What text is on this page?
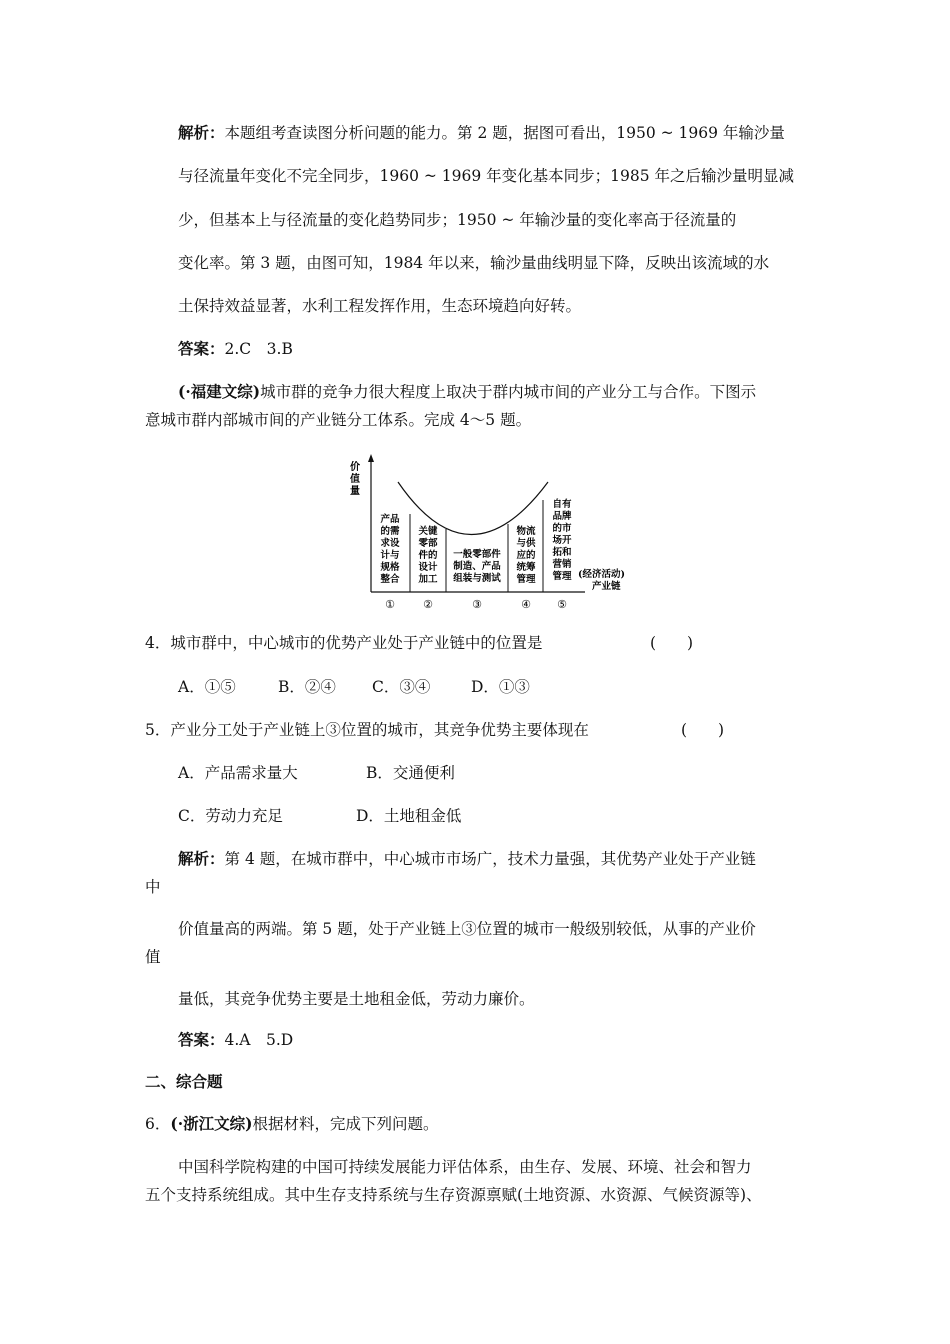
解析：本题组考查读图分析问题的能力。第 2 题，据图可看出，1950 ~ 1969 年输沙量
与径流量年变化不完全同步，1960 ~ 1969 年变化基本同步；1985 年之后输沙量明显减
少，但基本上与径流量的变化趋势同步；1950 ~ 年输沙量的变化率高于径流量的
变化率。第 3 题，由图可知，1984 年以来，输沙量曲线明显下降，反映出该流域的水
土保持效益显著，水利工程发挥作用，生态环境趋向好转。
答案：2.C　3.B
(·福建文综)城市群的竞争力很大程度上取决于群内城市间的产业分工与合作。下图示
意城市群内部城市间的产业链分工体系。完成 4～5 题。
价
值
量
产品
的需
求设
计与
规格
整合
关键
零部
件的
设计
加工
一般零部件
制造、产品
组装与测试
物流
与供
应的
统筹
管理
自有
品牌
的市
场开
拓和
营销
管理 (经济活动)
产业链
①	②	③	④ ⑤
4．城市群中，中心城市的优势产业处于产业链中的位置是	(　　)
A．①⑤	B．②④ C．③④	D．①③
5．产业分工处于产业链上③位置的城市，其竞争优势主要体现在	(　　)
A．产品需求量大	B．交通便利
C．劳动力充足	D．土地租金低
解析：第 4 题，在城市群中，中心城市市场广，技术力量强，其优势产业处于产业链
中
价值量高的两端。第 5 题，处于产业链上③位置的城市一般级别较低，从事的产业价
值
量低，其竞争优势主要是土地租金低，劳动力廉价。
答案：4.A　5.D
二、综合题
6．(·浙江文综)根据材料，完成下列问题。
中国科学院构建的中国可持续发展能力评估体系，由生存、发展、环境、社会和智力
五个支持系统组成。其中生存支持系统与生存资源禀赋(土地资源、水资源、气候资源等)、
